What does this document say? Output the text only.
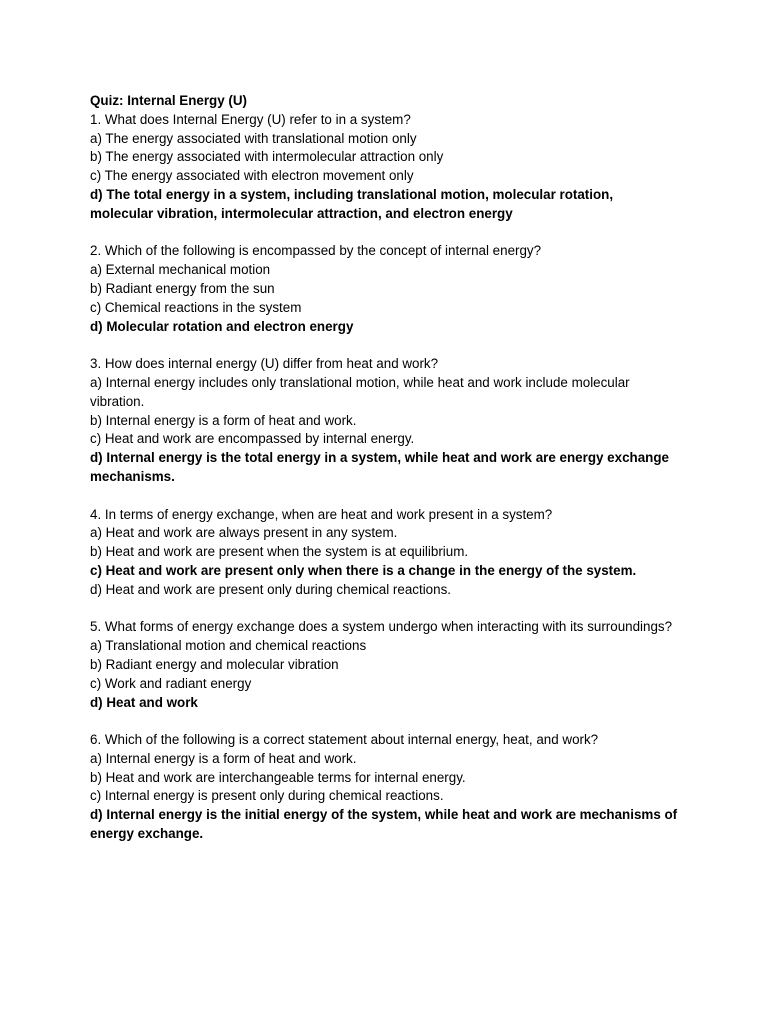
Quiz: Internal Energy (U)

1. What does Internal Energy (U) refer to in a system?

a) The energy associated with translational motion only

b) The energy associated with intermolecular attraction only

c) The energy associated with electron movement only

d) The total energy in a system, including translational motion, molecular rotation, molecular vibration, intermolecular attraction, and electron energy

2. Which of the following is encompassed by the concept of internal energy?

a) External mechanical motion

b) Radiant energy from the sun

c) Chemical reactions in the system

d) Molecular rotation and electron energy

3. How does internal energy (U) differ from heat and work?

a) Internal energy includes only translational motion, while heat and work include molecular vibration.

b) Internal energy is a form of heat and work.

c) Heat and work are encompassed by internal energy.

d) Internal energy is the total energy in a system, while heat and work are energy exchange mechanisms.

4. In terms of energy exchange, when are heat and work present in a system?

a) Heat and work are always present in any system.

b) Heat and work are present when the system is at equilibrium.

c) Heat and work are present only when there is a change in the energy of the system.

d) Heat and work are present only during chemical reactions.

5. What forms of energy exchange does a system undergo when interacting with its surroundings?

a) Translational motion and chemical reactions

b) Radiant energy and molecular vibration

c) Work and radiant energy

d) Heat and work

6. Which of the following is a correct statement about internal energy, heat, and work?

a) Internal energy is a form of heat and work.

b) Heat and work are interchangeable terms for internal energy.

c) Internal energy is present only during chemical reactions.

d) Internal energy is the initial energy of the system, while heat and work are mechanisms of energy exchange.
